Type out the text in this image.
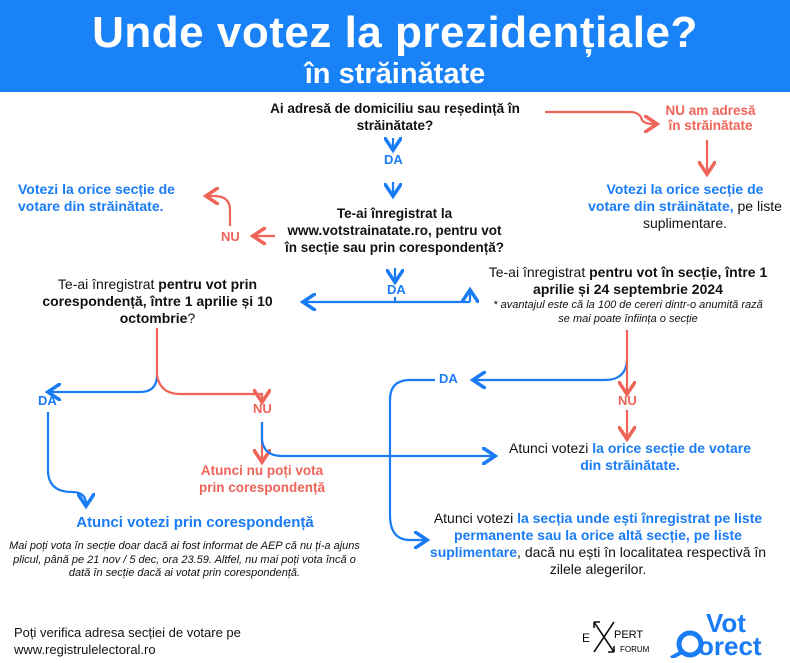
Unde votez la prezidențiale?
în străinătate
Ai adresă de domiciliu sau reședință în străinătate?
DA
NU am adresă în străinătate
Votezi la orice secție de votare din străinătate, pe liste suplimentare.
Votezi la orice secție de votare din străinătate.	Te-ai înregistrat la www.votstrainatate.ro, pentru vot în secție sau prin corespondență?
NU
DA
Te-ai înregistrat pentru vot prin corespondență, între 1 aprilie și 10 octombrie?
Te-ai înregistrat pentru vot în secție, între 1 aprilie și 24 septembrie 2024
* avantajul este că la 100 de cereri dintr-o anumită rază se mai poate înființa o secție
DA
NU
DA
NU
Atunci nu poți vota prin corespondență
Atunci votezi la orice secție de votare din străinătate.
Atunci votezi prin corespondență
Mai poți vota în secție doar dacă ai fost informat de AEP că nu ți-a ajuns plicul, până pe 21 nov / 5 dec, ora 23.59. Altfel, nu mai poți vota încă o dată în secție dacă ai votat prin corespondență.
Atunci votezi la secția unde ești înregistrat pe liste permanente sau la orice altă secție, pe liste suplimentare, dacă nu ești în localitatea respectivă în zilele alegerilor.
Poți verifica adresa secției de votare pe www.registrulelectoral.ro
E PERT
FORUM
Vot
orect
